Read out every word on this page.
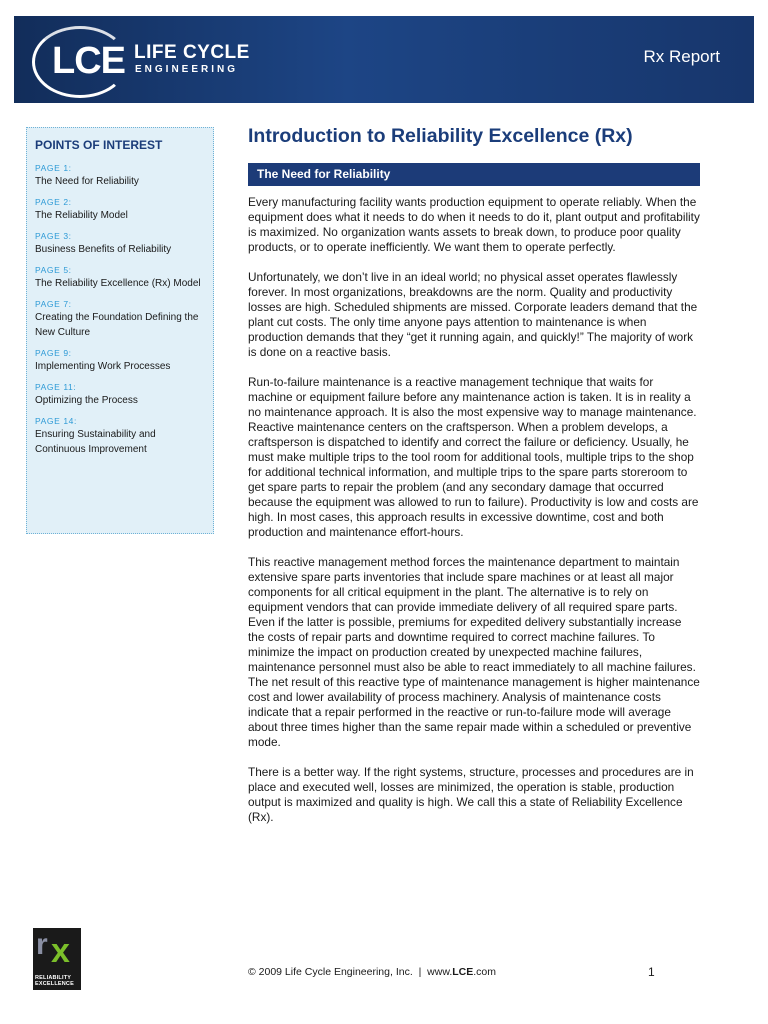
LCE LIFE CYCLE
ENGINEERING
Rx Report
POINTS OF INTEREST
PAGE 1:
The Need for Reliability
PAGE 2:
The Reliability Model
PAGE 3:
Business Benefits of Reliability
PAGE 5:
The Reliability Excellence (Rx) Model
PAGE 7:
Creating the Foundation Defining the New Culture
PAGE 9:
Implementing Work Processes
PAGE 11:
Optimizing the Process
PAGE 14:
Ensuring Sustainability and Continuous Improvement
Introduction to Reliability Excellence (Rx)
The Need for Reliability

Every manufacturing facility wants production equipment to operate reliably. When the equipment does what it needs to do when it needs to do it, plant output and profitability is maximized. No organization wants assets to break down, to produce poor quality products, or to operate inefficiently. We want them to operate perfectly.

Unfortunately, we don’t live in an ideal world; no physical asset operates flawlessly forever. In most organizations, breakdowns are the norm. Quality and productivity losses are high. Scheduled shipments are missed. Corporate leaders demand that the plant cut costs. The only time anyone pays attention to maintenance is when production demands that they “get it running again, and quickly!” The majority of work is done on a reactive basis.

Run-to-failure maintenance is a reactive management technique that waits for machine or equipment failure before any maintenance action is taken. It is in reality a no maintenance approach. It is also the most expensive way to manage maintenance. Reactive maintenance centers on the craftsperson. When a problem develops, a craftsperson is dispatched to identify and correct the failure or deficiency. Usually, he must make multiple trips to the tool room for additional tools, multiple trips to the shop for additional technical information, and multiple trips to the spare parts storeroom to get spare parts to repair the problem (and any secondary damage that occurred because the equipment was allowed to run to failure). Productivity is low and costs are high. In most cases, this approach results in excessive downtime, cost and both production and maintenance effort-hours.

This reactive management method forces the maintenance department to maintain extensive spare parts inventories that include spare machines or at least all major components for all critical equipment in the plant. The alternative is to rely on equipment vendors that can provide immediate delivery of all required spare parts. Even if the latter is possible, premiums for expedited delivery substantially increase the costs of repair parts and downtime required to correct machine failures. To minimize the impact on production created by unexpected machine failures, maintenance personnel must also be able to react immediately to all machine failures. The net result of this reactive type of maintenance management is higher maintenance cost and lower availability of process machinery. Analysis of maintenance costs indicate that a repair performed in the reactive or run-to-failure mode will average about three times higher than the same repair made within a scheduled or preventive mode.

There is a better way. If the right systems, structure, processes and procedures are in place and executed well, losses are minimized, the operation is stable, production output is maximized and quality is high. We call this a state of Reliability Excellence (Rx).

r x
RELIABILITY
EXCELLENCE
© 2009 Life Cycle Engineering, Inc. | www.LCE.com	1
